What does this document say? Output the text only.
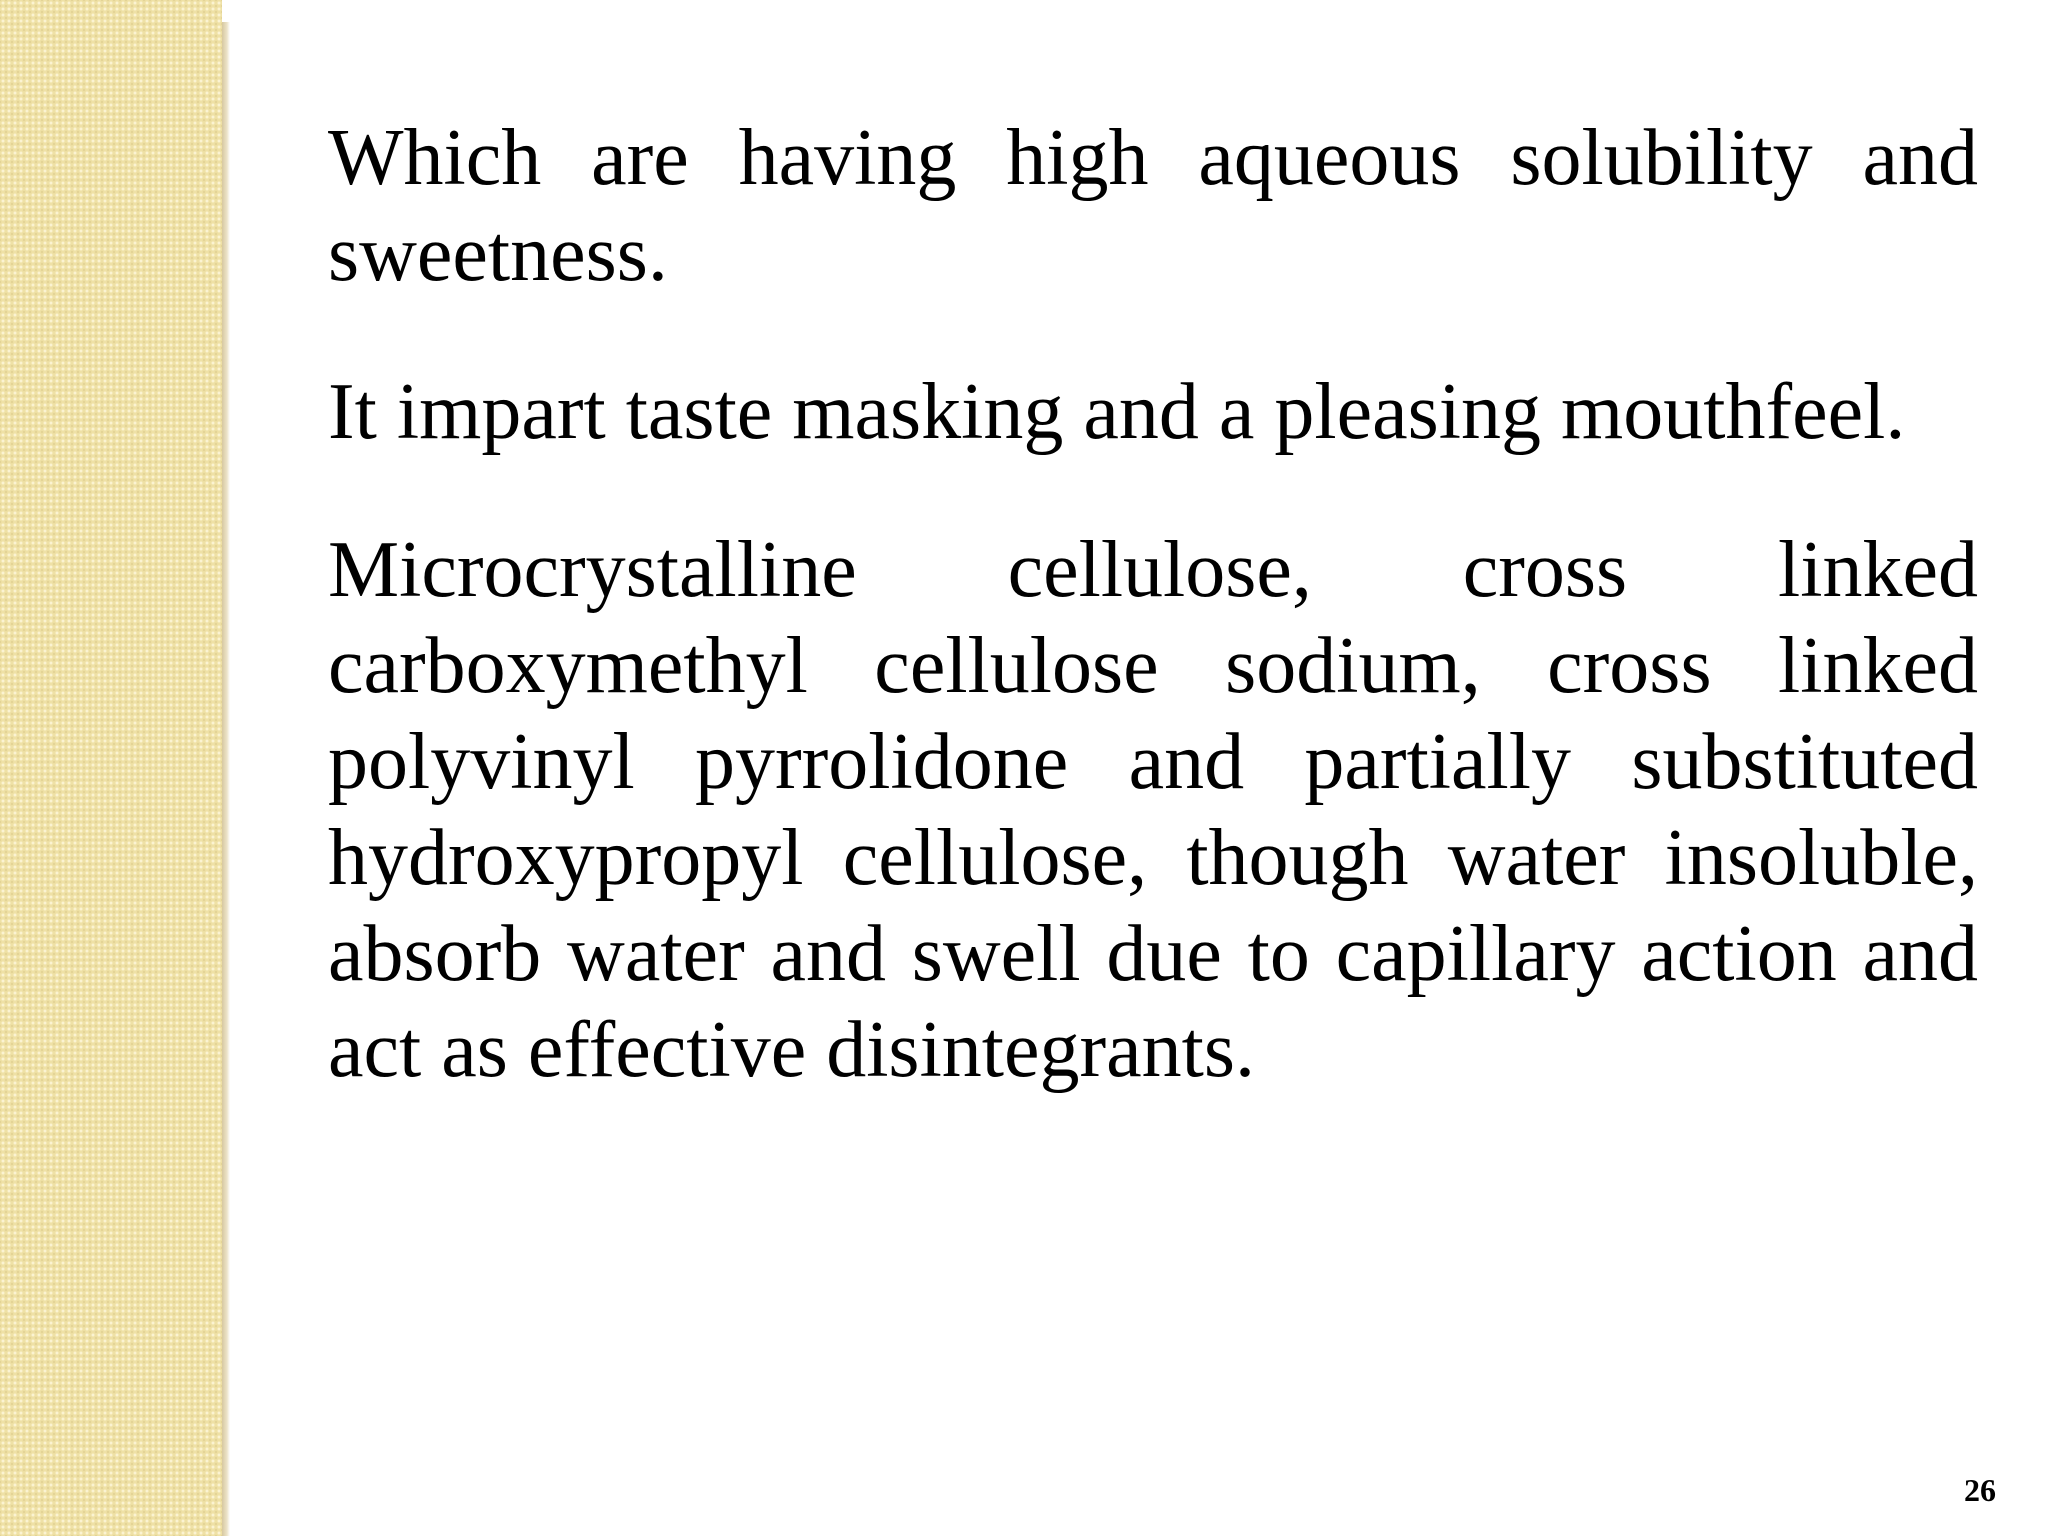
Which are having high aqueous solubility and sweetness.

It impart taste masking and a pleasing mouthfeel.

Microcrystalline cellulose, cross linked carboxymethyl cellulose sodium, cross linked polyvinyl pyrrolidone and partially substituted hydroxypropyl cellulose, though water insoluble, absorb water and swell due to capillary action and act as effective disintegrants.

26
